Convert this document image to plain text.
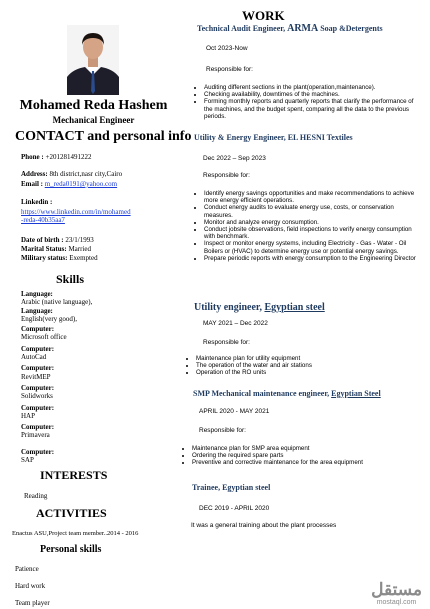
Mohamed Reda Hashem
Mechanical Engineer
CONTACT and personal info
Phone : +201281491222
Address: 8th district,nasr city,Cairo
Email : m_reda0191@yahoo.com
Linkedin :
https://www.linkedin.com/in/mohamed
-reda-40b35aa7
Date of birth : 23/1/1993
Marital Status: Married
Military status: Exempted
Skills
Language:
Arabic (native language),
Language:
English(very good),
Computer:
Microsoft office
Computer:
AutoCad
Computer:
RevitMEP
Computer:
Solidworks
Computer:
HAP
Computer:
Primavera
Computer:
SAP
INTERESTS
Reading
ACTIVITIES
Enactus ASU,Project team member..2014 - 2016
Personal skills
Patience
Hard work
Team player
WORK
Technical Audit Engineer, ARMA Soap &Detergents
Oct 2023-Now
Responsible for:
• Auditing different sections in the plant(operation,maintenance).
• Checking availability, downtimes of the machines.
• Forming monthly reports and quarterly reports that clarify the performance of the machines, and the budget spent, comparing all the data to the previous periods.
Utility & Energy Engineer, EL HESNI Textiles
Dec 2022 – Sep 2023
Responsible for:
• Identify energy savings opportunities and make recommendations to achieve more energy efficient operations.
• Conduct energy audits to evaluate energy use, costs, or conservation measures.
• Monitor and analyze energy consumption.
• Conduct jobsite observations, field inspections to verify energy consumption with benchmark.
• Inspect or monitor energy systems, including Electricity - Gas - Water - Oil Boilers or (HVAC) to determine energy use or potential energy savings.
• Prepare periodic reports with energy consumption to the Engineering Director
Utility engineer, Egyptian steel
MAY 2021 – Dec 2022
Responsible for:
• Maintenance plan for utility equipment
• The operation of the water and air stations
• Operation of the RO units
SMP Mechanical maintenance engineer, Egyptian Steel
APRIL 2020 - MAY 2021
Responsible for:
• Maintenance plan for SMP area equipment
• Ordering the required spare parts
• Preventive and corrective maintenance for the area equipment
Trainee, Egyptian steel
DEC 2019 - APRIL 2020
It was a general training about the plant processes
مستقل
mostaql.com
